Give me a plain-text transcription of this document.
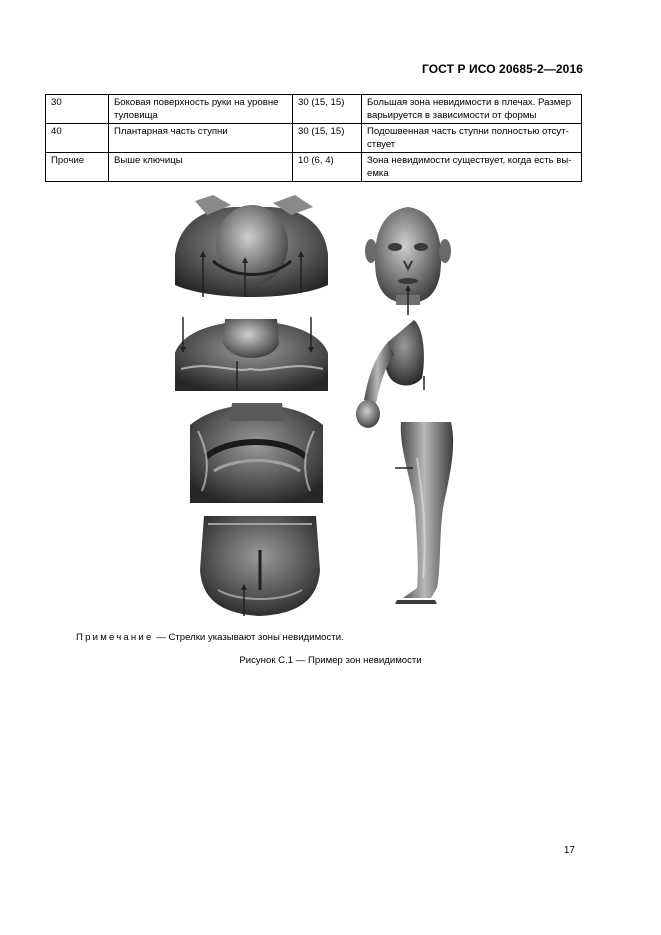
ГОСТ Р ИСО 20685-2—2016
30	Боковая поверхность руки на уровне туловища	30 (15, 15)	Большая зона невидимости в плечах. Размер варьируется в зависимости от формы
40	Плантарная часть ступни	30 (15, 15)	Подошвенная часть ступни полностью отсут-ствует
Прочие	Выше ключицы	10 (6, 4)	Зона невидимости существует, когда есть вы-емка
Примечание — Стрелки указывают зоны невидимости.
Рисунок С.1 — Пример зон невидимости
17
